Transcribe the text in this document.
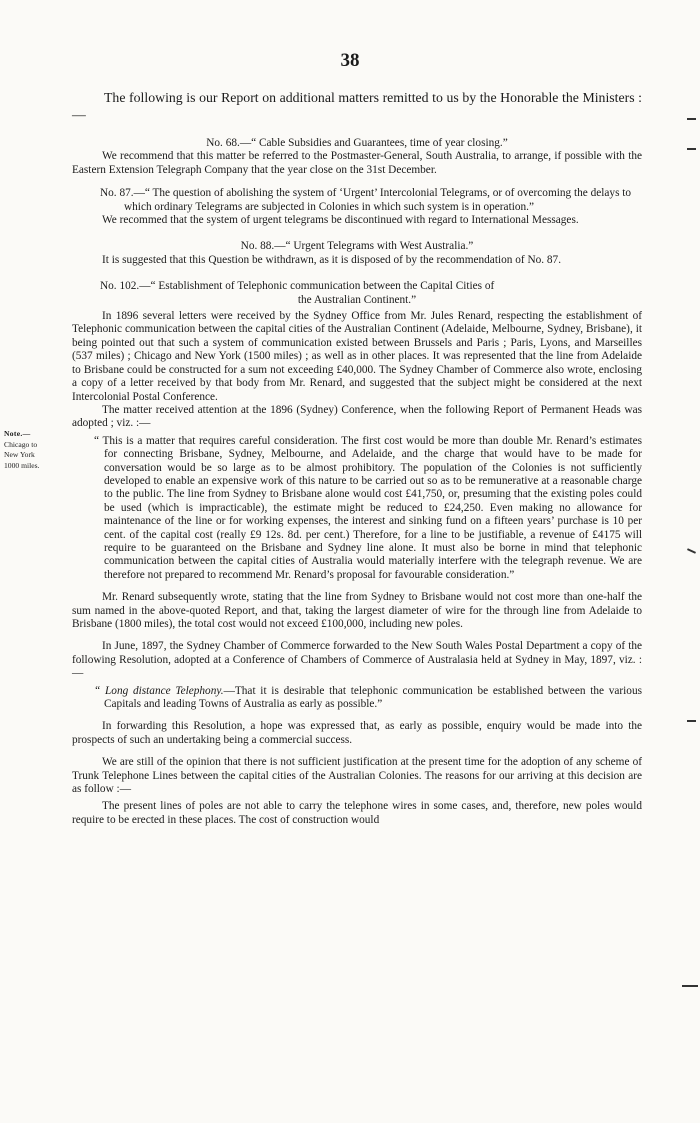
38
Note.—
Chicago to
New York
1000 miles.

The following is our Report on additional matters remitted to us by the Honorable the Ministers :—

No. 68.—“ Cable Subsidies and Guarantees, time of year closing.”

We recommend that this matter be referred to the Postmaster-General, South Australia, to arrange, if possible with the Eastern Extension Telegraph Company that the year close on the 31st December.

No. 87.—“ The question of abolishing the system of ‘Urgent’ Intercolonial Telegrams, or of overcoming the delays to which ordinary Telegrams are subjected in Colonies in which such system is in operation.”

We recommed that the system of urgent telegrams be discontinued with regard to International Messages.

No. 88.—“ Urgent Telegrams with West Australia.”

It is suggested that this Question be withdrawn, as it is disposed of by the recommendation of No. 87.

No. 102.—“ Establishment of Telephonic communication between the Capital Cities of

the Australian Continent.”

In 1896 several letters were received by the Sydney Office from Mr. Jules Renard, respecting the establishment of Telephonic communication between the capital cities of the Australian Continent (Adelaide, Melbourne, Sydney, Brisbane), it being pointed out that such a system of communication existed between Brussels and Paris ; Paris, Lyons, and Marseilles (537 miles) ; Chicago and New York (1500 miles) ; as well as in other places. It was represented that the line from Adelaide to Brisbane could be constructed for a sum not exceeding £40,000. The Sydney Chamber of Commerce also wrote, enclosing a copy of a letter received by that body from Mr. Renard, and suggested that the subject might be considered at the next Intercolonial Postal Conference.

The matter received attention at the 1896 (Sydney) Conference, when the following Report of Permanent Heads was adopted ; viz. :—

“ This is a matter that requires careful consideration. The first cost would be more than double Mr. Renard’s estimates for connecting Brisbane, Sydney, Melbourne, and Adelaide, and the charge that would have to be made for conversation would be so large as to be almost prohibitory. The population of the Colonies is not sufficiently developed to enable an expensive work of this nature to be carried out so as to be remunerative at a reasonable charge to the public. The line from Sydney to Brisbane alone would cost £41,750, or, presuming that the existing poles could be used (which is impracticable), the estimate might be reduced to £24,250. Even making no allowance for maintenance of the line or for working expenses, the interest and sinking fund on a fifteen years’ purchase is 10 per cent. of the capital cost (really £9 12s. 8d. per cent.) Therefore, for a line to be justifiable, a revenue of £4175 will require to be guaranteed on the Brisbane and Sydney line alone. It must also be borne in mind that telephonic communication between the capital cities of Australia would materially interfere with the telegraph revenue. We are therefore not prepared to recommend Mr. Renard’s proposal for favourable consideration.”

Mr. Renard subsequently wrote, stating that the line from Sydney to Brisbane would not cost more than one-half the sum named in the above-quoted Report, and that, taking the largest diameter of wire for the through line from Adelaide to Brisbane (1800 miles), the total cost would not exceed £100,000, including new poles.

In June, 1897, the Sydney Chamber of Commerce forwarded to the New South Wales Postal Department a copy of the following Resolution, adopted at a Conference of Chambers of Commerce of Australasia held at Sydney in May, 1897, viz. :—

“ Long distance Telephony.—That it is desirable that telephonic communication be established between the various Capitals and leading Towns of Australia as early as possible.”

In forwarding this Resolution, a hope was expressed that, as early as possible, enquiry would be made into the prospects of such an undertaking being a commercial success.

We are still of the opinion that there is not sufficient justification at the present time for the adoption of any scheme of Trunk Telephone Lines between the capital cities of the Australian Colonies. The reasons for our arriving at this decision are as follow :—

The present lines of poles are not able to carry the telephone wires in some cases, and, therefore, new poles would require to be erected in these places. The cost of construction would
